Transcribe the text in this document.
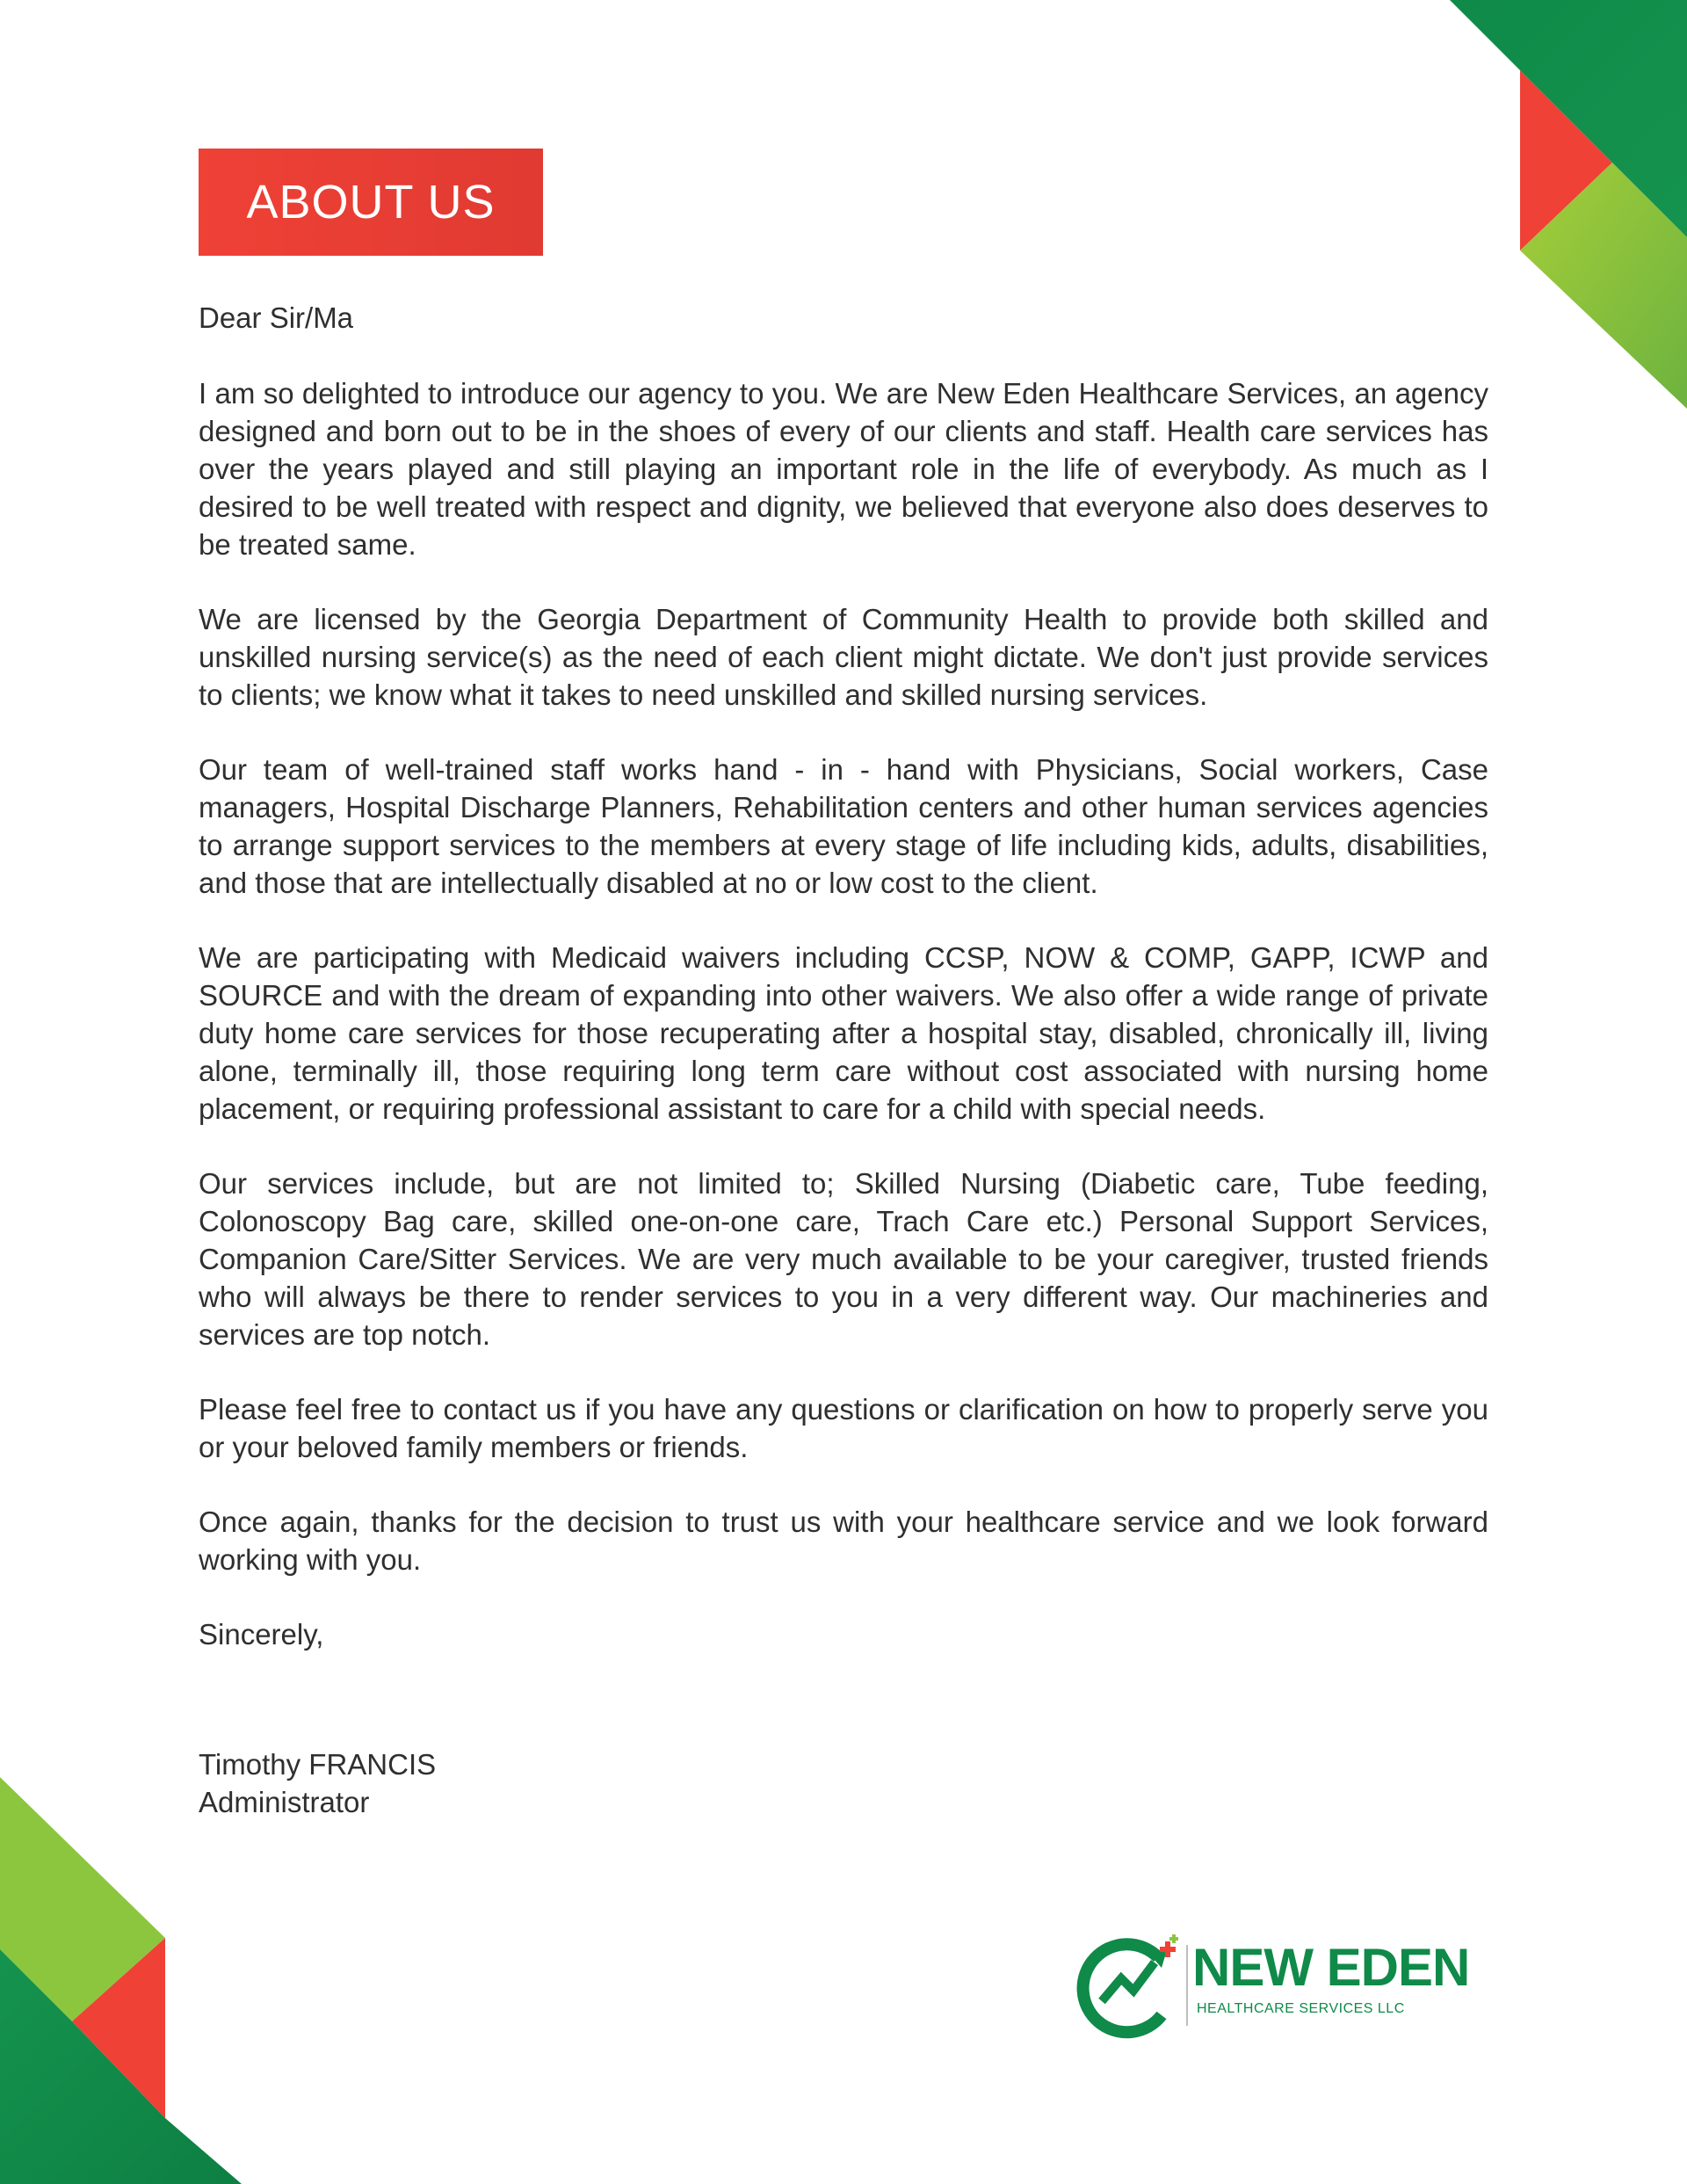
ABOUT US

Dear Sir/Ma

I am so delighted to introduce our agency to you. We are New Eden Healthcare Services, an agency designed and born out to be in the shoes of every of our clients and staff. Health care services has over the years played and still playing an important role in the life of everybody. As much as I desired to be well treated with respect and dignity, we believed that everyone also does deserves to be treated same.

We are licensed by the Georgia Department of Community Health to provide both skilled and unskilled nursing service(s) as the need of each client might dictate. We don't just provide services to clients; we know what it takes to need unskilled and skilled nursing services.

Our team of well-trained staff works hand - in - hand with Physicians, Social workers, Case managers, Hospital Discharge Planners, Rehabilitation centers and other human services agencies to arrange support services to the members at every stage of life including kids, adults, disabilities, and those that are intellectually disabled at no or low cost to the client.

We are participating with Medicaid waivers including CCSP, NOW & COMP, GAPP, ICWP and SOURCE and with the dream of expanding into other waivers. We also offer a wide range of private duty home care services for those recuperating after a hospital stay, disabled, chronically ill, living alone, terminally ill, those requiring long term care without cost associated with nursing home placement, or requiring professional assistant to care for a child with special needs.

Our services include, but are not limited to; Skilled Nursing (Diabetic care, Tube feeding, Colonoscopy Bag care, skilled one-on-one care, Trach Care etc.) Personal Support Services, Companion Care/Sitter Services. We are very much available to be your caregiver, trusted friends who will always be there to render services to you in a very different way. Our machineries and services are top notch.

Please feel free to contact us if you have any questions or clarification on how to properly serve you or your beloved family members or friends.

Once again, thanks for the decision to trust us with your healthcare service and we look forward working with you.

Sincerely,

Timothy FRANCIS

Administrator

NEW EDEN
HEALTHCARE SERVICES LLC
